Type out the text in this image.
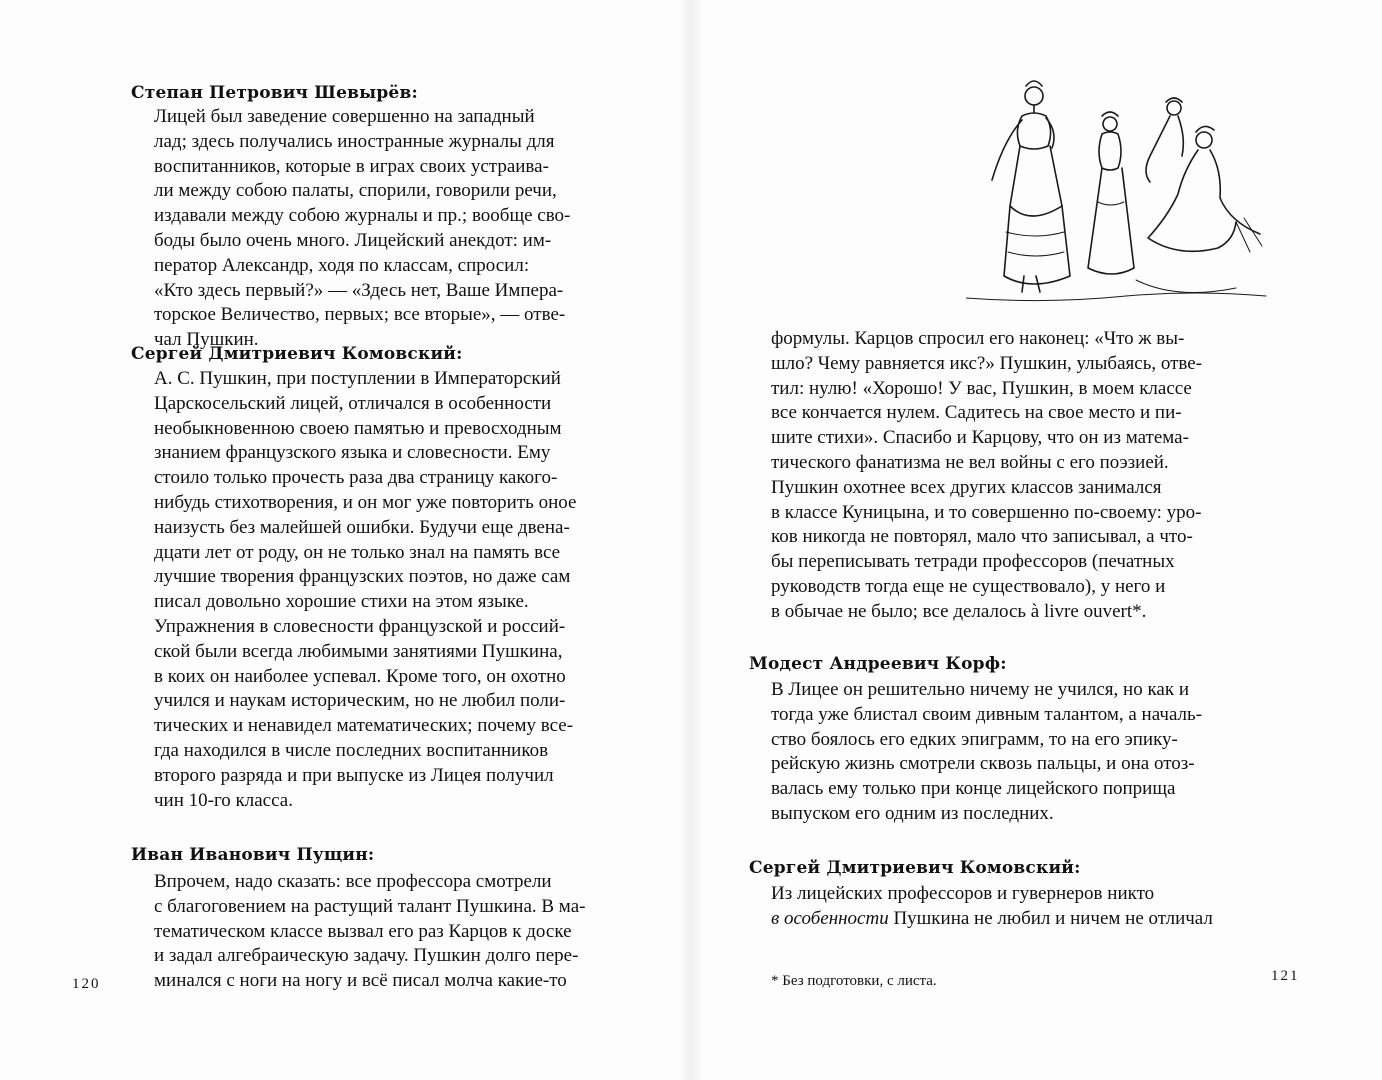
Степан Петрович Шевырёв:
Лицей был заведение совершенно на западный
лад; здесь получались иностранные журналы для
воспитанников, которые в играх своих устраива-
ли между собою палаты, спорили, говорили речи,
издавали между собою журналы и пр.; вообще сво-
боды было очень много. Лицейский анекдот: им-
ператор Александр, ходя по классам, спросил:
«Кто здесь первый?» — «Здесь нет, Ваше Импера-
торское Величество, первых; все вторые», — отве-
чал Пушкин.
Сергей Дмитриевич Комовский:
А. С. Пушкин, при поступлении в Императорский
Царскосельский лицей, отличался в особенности
необыкновенною своею памятью и превосходным
знанием французского языка и словесности. Ему
стоило только прочесть раза два страницу какого-
нибудь стихотворения, и он мог уже повторить оное
наизусть без малейшей ошибки. Будучи еще двена-
дцати лет от роду, он не только знал на память все
лучшие творения французских поэтов, но даже сам
писал довольно хорошие стихи на этом языке.
Упражнения в словесности французской и россий-
ской были всегда любимыми занятиями Пушкина,
в коих он наиболее успевал. Кроме того, он охотно
учился и наукам историческим, но не любил поли-
тических и ненавидел математических; почему все-
гда находился в числе последних воспитанников
второго разряда и при выпуске из Лицея получил
чин 10-го класса.
Иван Иванович Пущин:
Впрочем, надо сказать: все профессора смотрели
с благоговением на растущий талант Пушкина. В ма-
тематическом классе вызвал его раз Карцов к доске
и задал алгебраическую задачу. Пушкин долго пере-
минался с ноги на ногу и всё писал молча какие-то
120
формулы. Карцов спросил его наконец: «Что ж вы-
шло? Чему равняется икс?» Пушкин, улыбаясь, отве-
тил: нулю! «Хорошо! У вас, Пушкин, в моем классе
все кончается нулем. Садитесь на свое место и пи-
шите стихи». Спасибо и Карцову, что он из матема-
тического фанатизма не вел войны с его поэзией.
Пушкин охотнее всех других классов занимался
в классе Куницына, и то совершенно по-своему: уро-
ков никогда не повторял, мало что записывал, а что-
бы переписывать тетради профессоров (печатных
руководств тогда еще не существовало), у него и
в обычае не было; все делалось à livre ouvert*.
Модест Андреевич Корф:
В Лицее он решительно ничему не учился, но как и
тогда уже блистал своим дивным талантом, а началь-
ство боялось его едких эпиграмм, то на его эпику-
рейскую жизнь смотрели сквозь пальцы, и она отоз-
валась ему только при конце лицейского поприща
выпуском его одним из последних.
Сергей Дмитриевич Комовский:
Из лицейских профессоров и гувернеров никто
в особенности Пушкина не любил и ничем не отличал
* Без подготовки, с листа.	121
